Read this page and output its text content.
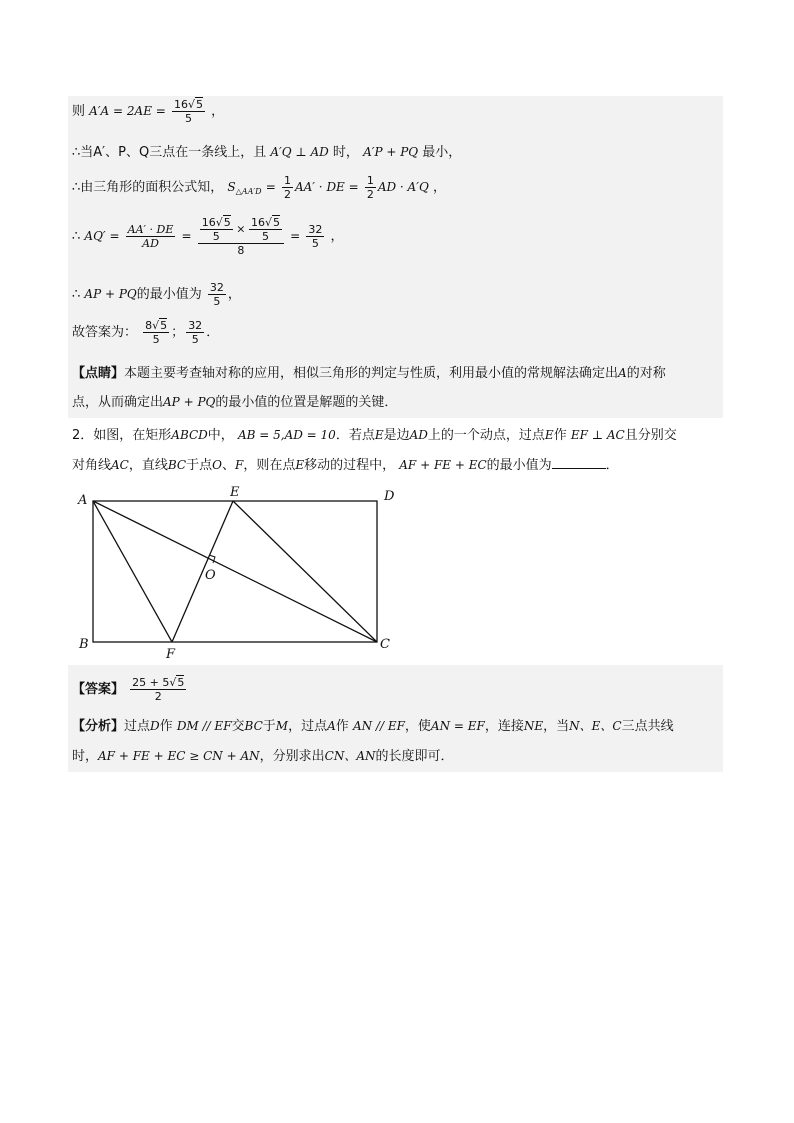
则 $A'A = 2AE = \frac{16√5}{5}$ ，
∴当A′、P、Q三点在一条线上，且 A′Q ⊥ AD 时， A′P + PQ 最小，
∴由三角形的面积公式知， $S_{\triangle AA'D} = \frac{1}{2} AA'$ · DE = $\frac{1}{2}$ AD · A′Q ，
∴ $AQ' = \frac{AA' \cdot DE}{AD} = \frac{\frac{16√5}{5} \times \frac{16√5}{5}}{8} = \frac{32}{5}$ ，
∴ AP + PQ的最小值为 $\frac{32}{5}$ ，
故答案为： $\frac{8√5}{5}$ ； $\frac{32}{5}$ ．
【点睛】本题主要考查轴对称的应用，相似三角形的判定与性质，利用最小值的常规解法确定出A的对称
点，从而确定出AP + PQ的最小值的位置是解题的关键．
2．如图，在矩形ABCD中， AB = 5,AD = 10．若点E是边AD上的一个动点，过点E作 EF ⊥ AC且分别交
对角线AC，直线BC于点O、F，则在点E移动的过程中， AF + FE + EC的最小值为	．
A
E	D
O
B
F
C
【答案】 $\frac{25 + 5√5}{2}$
【分析】过点D作 DM // EF交BC于M，过点A作 AN // EF，使AN = EF，连接NE，当N、E、C三点共线
时，AF + FE + EC ≥ CN + AN，分别求出CN、AN的长度即可．
